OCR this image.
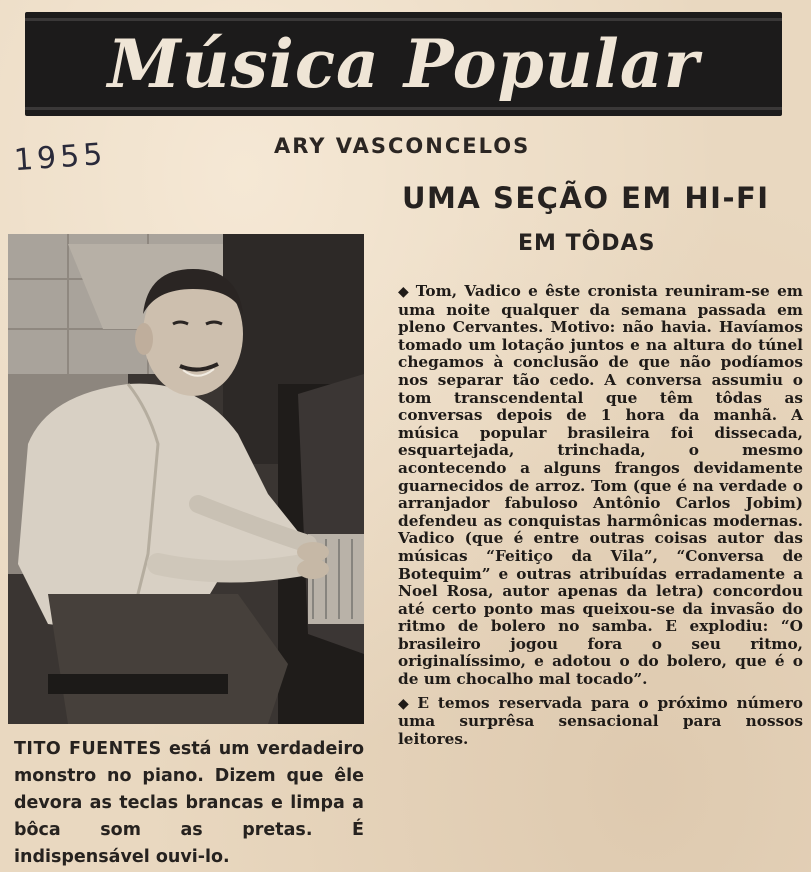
Música Popular
1955	ARY VASCONCELOS
UMA SEÇÃO EM HI-FI
EM TÔDAS
TITO FUENTES está um verdadeiro monstro no piano. Dizem que êle devora as teclas brancas e limpa a bôca som as pretas. É indispensável ouvi-lo.

◆ Tom, Vadico e êste cronista reuniram-se em uma noite qualquer da semana passada em pleno Cervantes. Motivo: não havia. Havíamos tomado um lotação juntos e na altura do túnel chegamos à conclusão de que não podíamos nos separar tão cedo. A conversa assumiu o tom transcendental que têm tôdas as conversas depois de 1 hora da manhã. A música popular brasileira foi dissecada, esquartejada, trinchada, o mesmo acontecendo a alguns frangos devidamente guarnecidos de arroz. Tom (que é na verdade o arranjador fabuloso Antônio Carlos Jobim) defendeu as conquistas harmônicas modernas. Vadico (que é entre outras coisas autor das músicas “Feitiço da Vila”, “Conversa de Botequim” e outras atribuídas erradamente a Noel Rosa, autor apenas da letra) concordou até certo ponto mas queixou-se da invasão do ritmo de bolero no samba. E explodiu: “O brasileiro jogou fora o seu ritmo, originalíssimo, e adotou o do bolero, que é o de um chocalho mal tocado”.

◆ E temos reservada para o próximo número uma surprêsa sensacional para nossos leitores.
